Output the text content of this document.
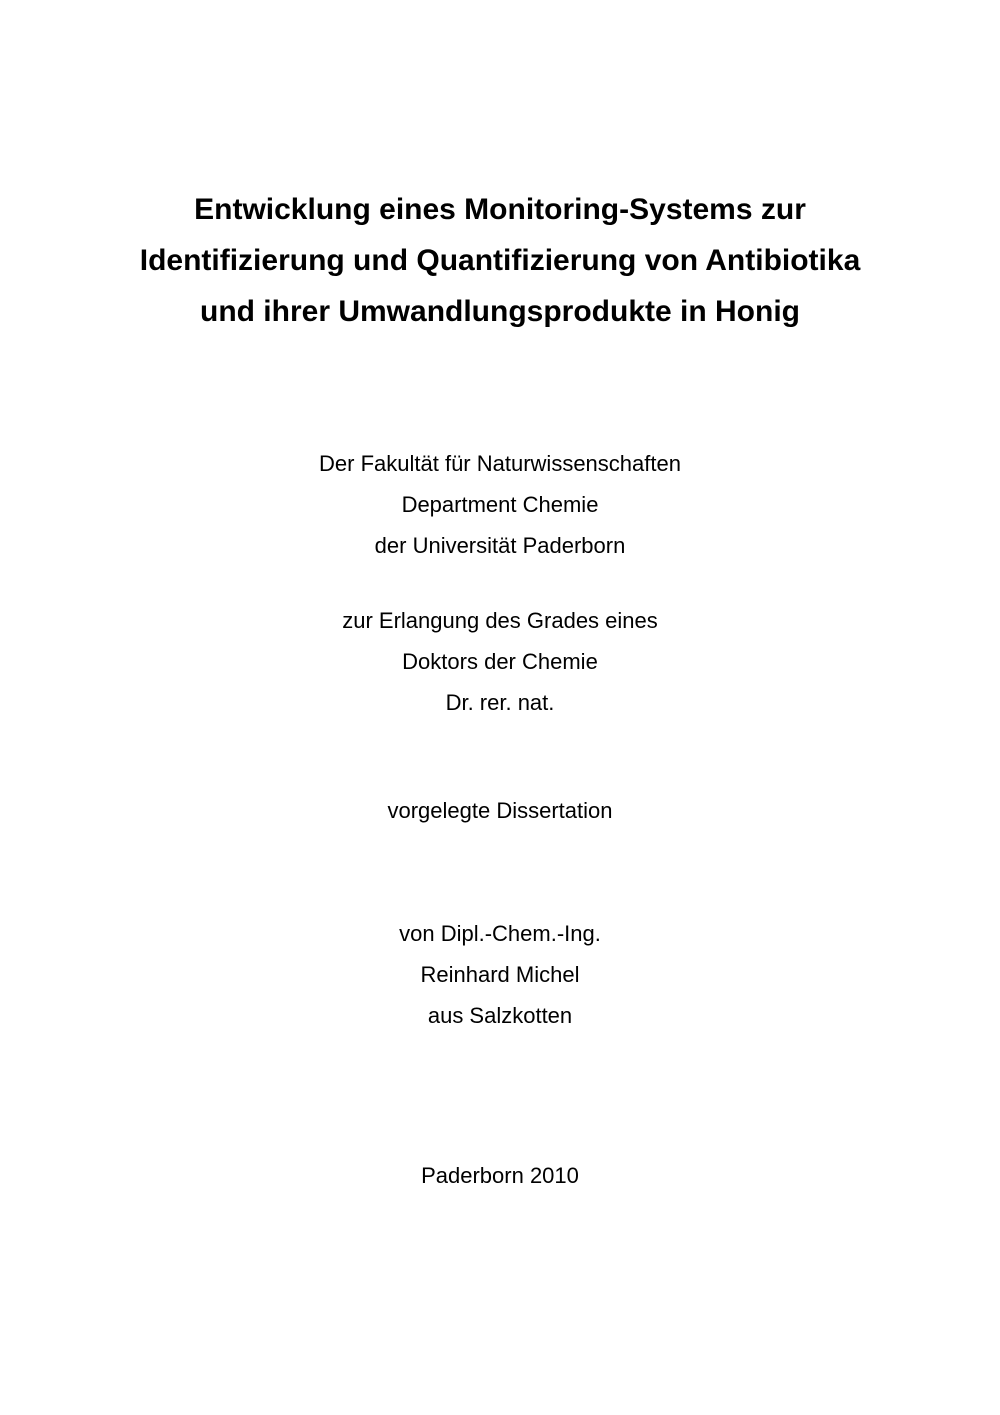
Entwicklung eines Monitoring-Systems zur
Identifizierung und Quantifizierung von Antibiotika
und ihrer Umwandlungsprodukte in Honig
Der Fakultät für Naturwissenschaften
Department Chemie
der Universität Paderborn
zur Erlangung des Grades eines
Doktors der Chemie
Dr. rer. nat.
vorgelegte Dissertation
von Dipl.-Chem.-Ing.
Reinhard Michel
aus Salzkotten
Paderborn 2010
